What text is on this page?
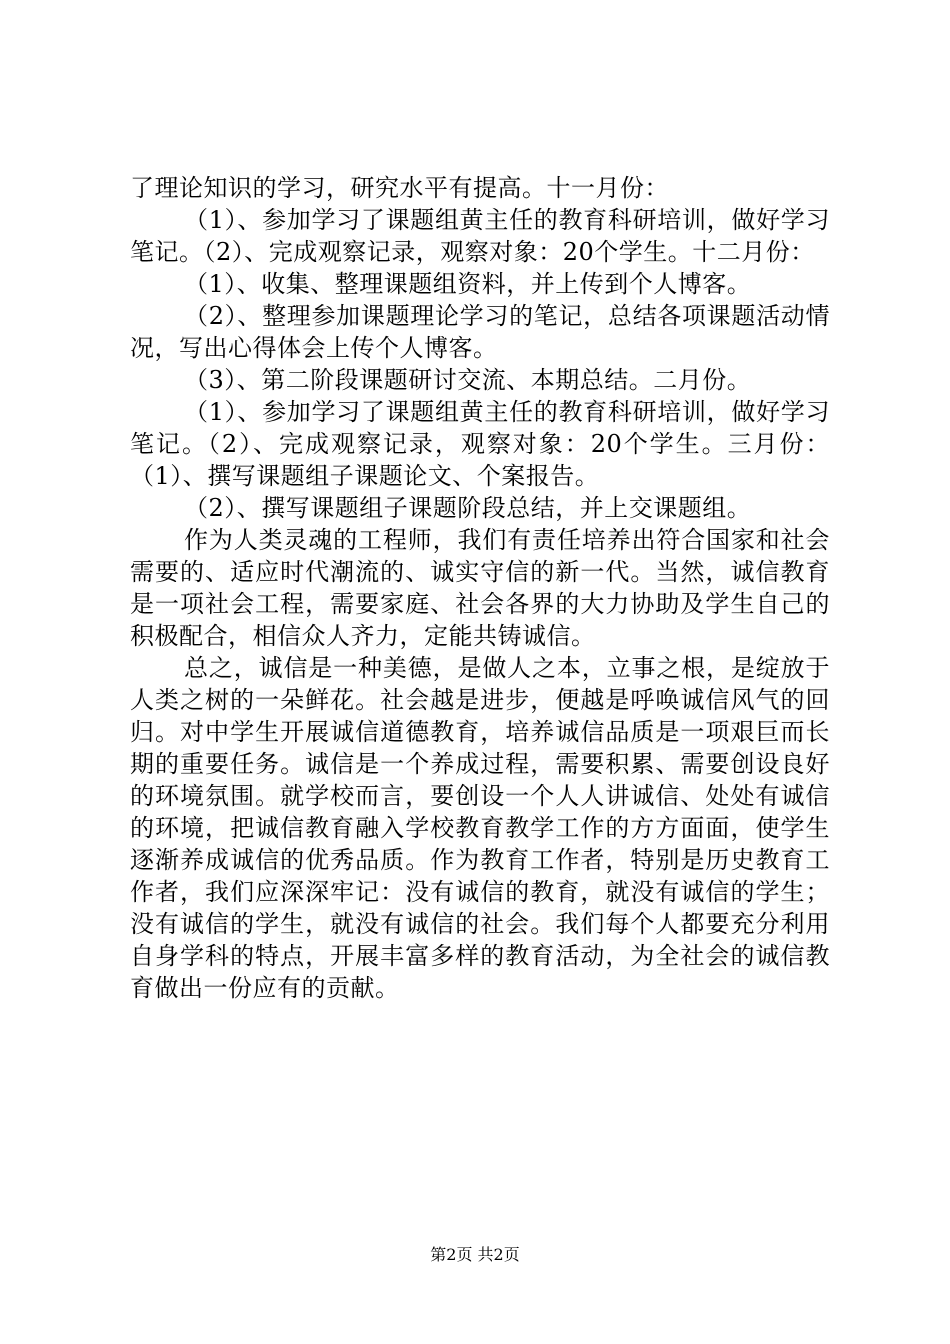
了理论知识的学习，研究水平有提高。十一月份：

（1）、参加学习了课题组黄主任的教育科研培训，做好学习笔记。（2）、完成观察记录，观察对象：20个学生。十二月份：

（1）、收集、整理课题组资料，并上传到个人博客。

（2）、整理参加课题理论学习的笔记，总结各项课题活动情况，写出心得体会上传个人博客。

（3）、第二阶段课题研讨交流、本期总结。二月份。

（1）、参加学习了课题组黄主任的教育科研培训，做好学习笔记。（2）、完成观察记录，观察对象：20个学生。三月份：（1）、撰写课题组子课题论文、个案报告。

（2）、撰写课题组子课题阶段总结，并上交课题组。

作为人类灵魂的工程师，我们有责任培养出符合国家和社会需要的、适应时代潮流的、诚实守信的新一代。当然，诚信教育是一项社会工程，需要家庭、社会各界的大力协助及学生自己的积极配合，相信众人齐力，定能共铸诚信。

总之，诚信是一种美德，是做人之本，立事之根，是绽放于人类之树的一朵鲜花。社会越是进步，便越是呼唤诚信风气的回归。对中学生开展诚信道德教育，培养诚信品质是一项艰巨而长期的重要任务。诚信是一个养成过程，需要积累、需要创设良好的环境氛围。就学校而言，要创设一个人人讲诚信、处处有诚信的环境，把诚信教育融入学校教育教学工作的方方面面，使学生逐渐养成诚信的优秀品质。作为教育工作者，特别是历史教育工作者，我们应深深牢记：没有诚信的教育，就没有诚信的学生；没有诚信的学生，就没有诚信的社会。我们每个人都要充分利用自身学科的特点，开展丰富多样的教育活动，为全社会的诚信教育做出一份应有的贡献。

第2页 共2页
